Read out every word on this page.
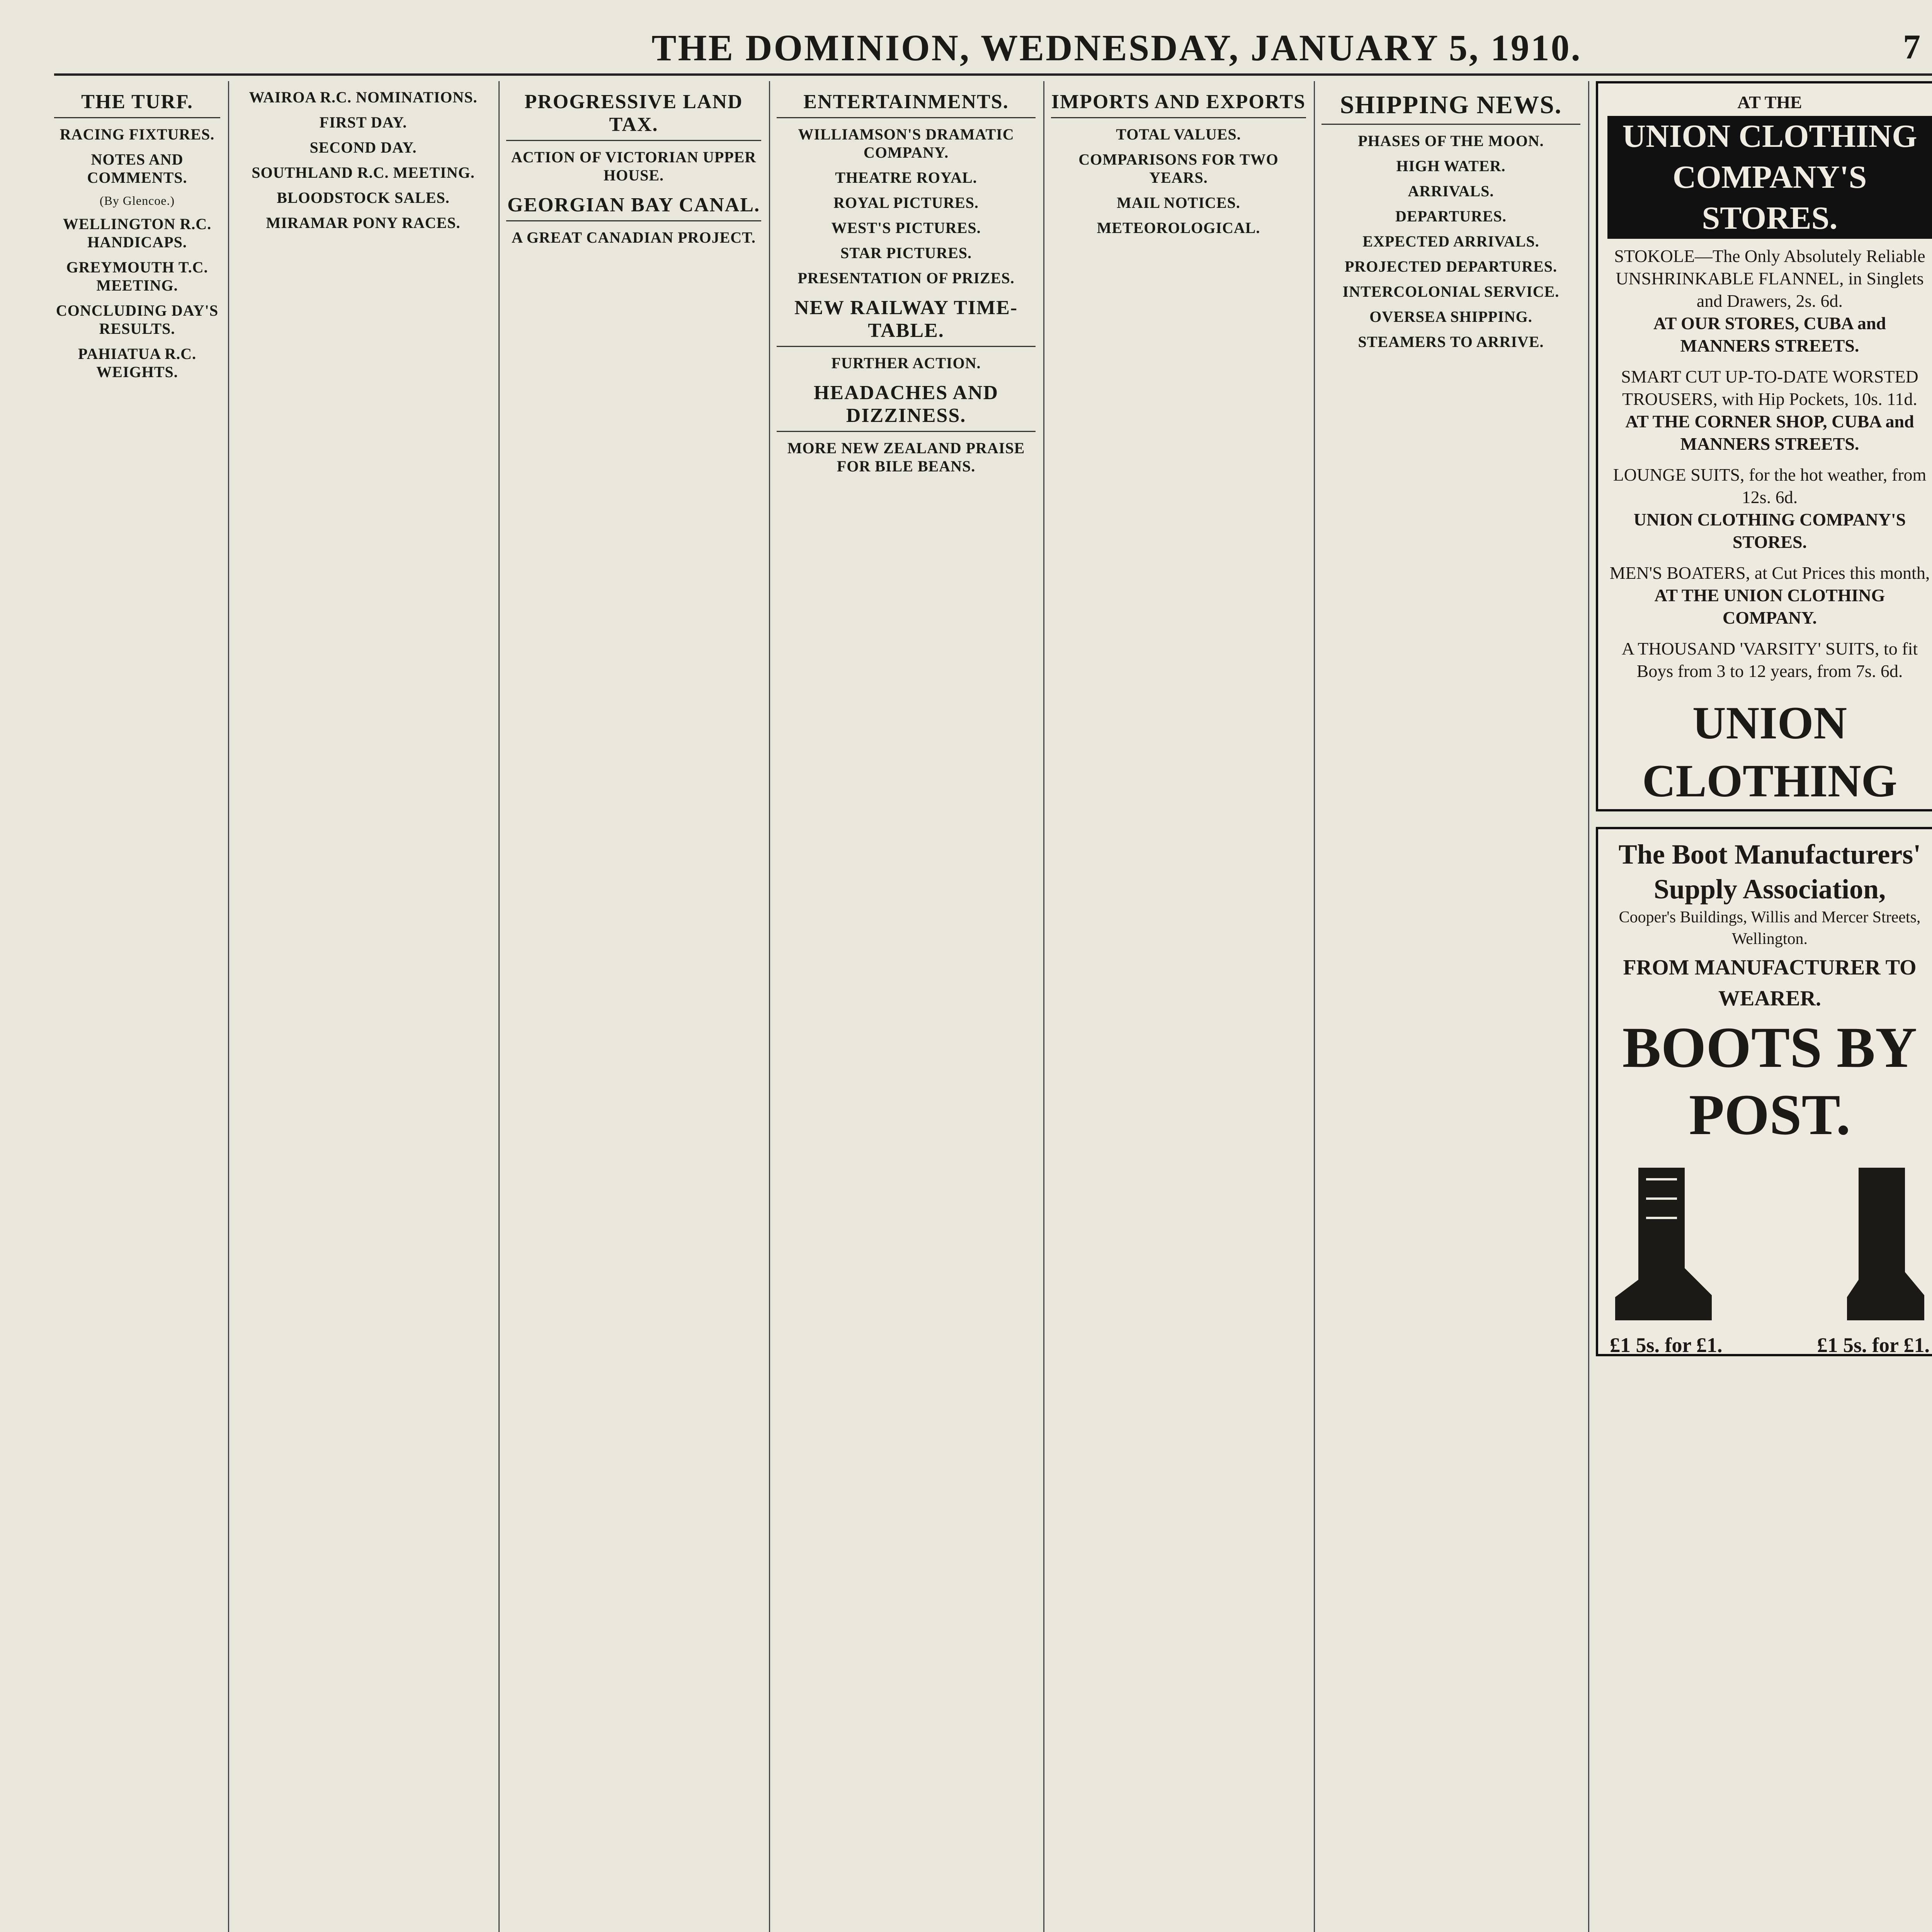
THE DOMINION, WEDNESDAY, JANUARY 5, 1910.	7
THE TURF.
RACING FIXTURES.
NOTES AND COMMENTS.
(By Glencoe.)
WELLINGTON R.C. HANDICAPS.
GREYMOUTH T.C. MEETING.
CONCLUDING DAY'S RESULTS.
PAHIATUA R.C. WEIGHTS.
WAIROA R.C. NOMINATIONS.
FIRST DAY.
SECOND DAY.
SOUTHLAND R.C. MEETING.
BLOODSTOCK SALES.
MIRAMAR PONY RACES.
PROGRESSIVE LAND TAX.
ACTION OF VICTORIAN UPPER HOUSE.
GEORGIAN BAY CANAL.
A GREAT CANADIAN PROJECT.
ENTERTAINMENTS.
WILLIAMSON'S DRAMATIC COMPANY.
THEATRE ROYAL.
ROYAL PICTURES.
WEST'S PICTURES.
STAR PICTURES.
PRESENTATION OF PRIZES.
NEW RAILWAY TIME-TABLE.
FURTHER ACTION.
HEADACHES AND DIZZINESS.
MORE NEW ZEALAND PRAISE FOR BILE BEANS.
IMPORTS AND EXPORTS
TOTAL VALUES.
COMPARISONS FOR TWO YEARS.
MAIL NOTICES.
METEOROLOGICAL.
SHIPPING NEWS.
PHASES OF THE MOON.
HIGH WATER.
ARRIVALS.
DEPARTURES.
EXPECTED ARRIVALS.
PROJECTED DEPARTURES.
INTERCOLONIAL SERVICE.
OVERSEA SHIPPING.
STEAMERS TO ARRIVE.
AT THE
UNION CLOTHING COMPANY'S STORES.
STOKOLE—The Only Absolutely Reliable UNSHRINKABLE FLANNEL, in Singlets and Drawers, 2s. 6d.
AT OUR STORES, CUBA and MANNERS STREETS.
SMART CUT UP-TO-DATE WORSTED TROUSERS, with Hip Pockets, 10s. 11d.
AT THE CORNER SHOP, CUBA and MANNERS STREETS.
LOUNGE SUITS, for the hot weather, from 12s. 6d.
UNION CLOTHING COMPANY'S STORES.
MEN'S BOATERS, at Cut Prices this month,
AT THE UNION CLOTHING COMPANY.
A THOUSAND 'VARSITY' SUITS, to fit Boys from 3 to 12 years, from 7s. 6d.
UNION CLOTHING
The Boot Manufacturers' Supply Association,
Cooper's Buildings, Willis and Mercer Streets, Wellington.
FROM MANUFACTURER TO WEARER.
BOOTS BY POST.
£1 5s. for £1.	£1 5s. for £1.
